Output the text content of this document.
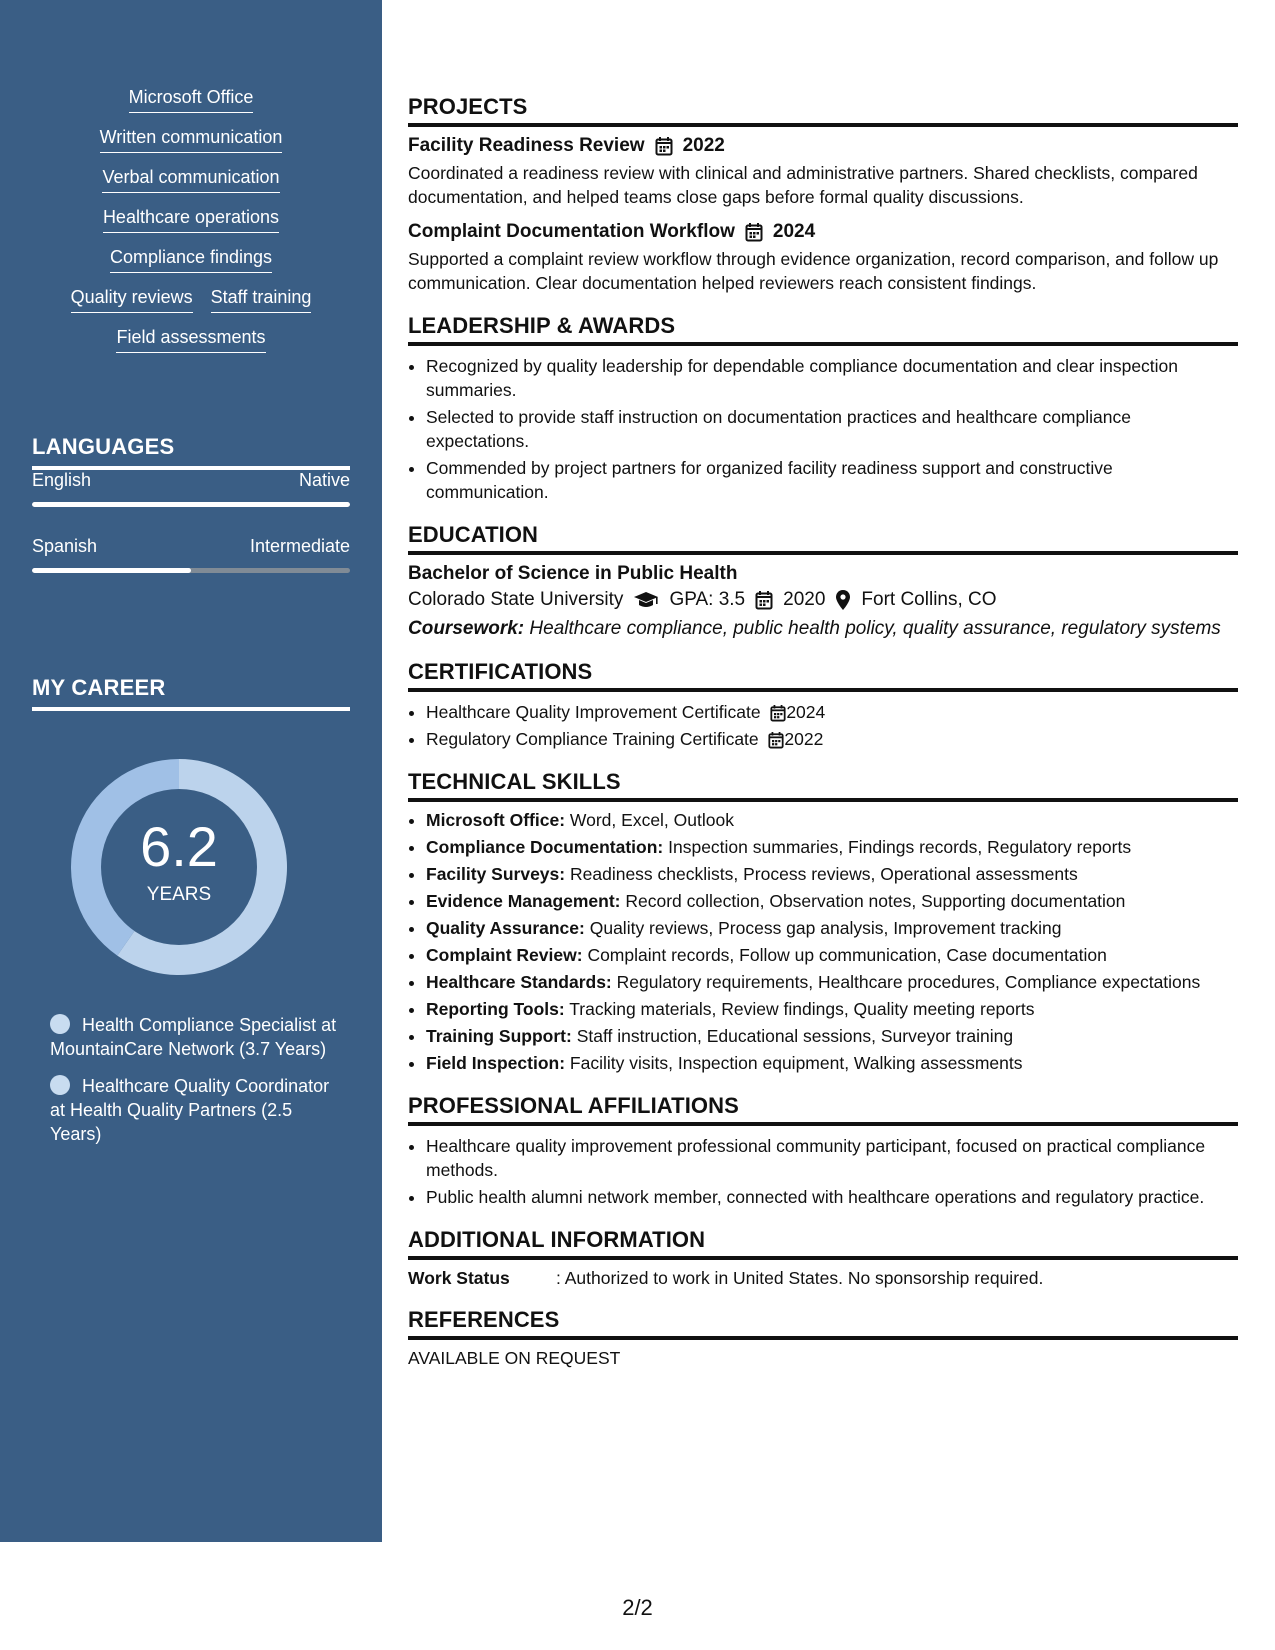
Microsoft Office
Written communication
Verbal communication
Healthcare operations
Compliance findings
Quality reviews Staff training
Field assessments
LANGUAGES
English	Native
Spanish	Intermediate
MY CAREER
6.2
YEARS
Health Compliance Specialist at MountainCare Network (3.7 Years)
Healthcare Quality Coordinator at Health Quality Partners (2.5 Years)
PROJECTS
Facility Readiness Review 2022
Coordinated a readiness review with clinical and administrative partners. Shared checklists, compared documentation, and helped teams close gaps before formal quality discussions.
Complaint Documentation Workflow 2024
Supported a complaint review workflow through evidence organization, record comparison, and follow up communication. Clear documentation helped reviewers reach consistent findings.
LEADERSHIP & AWARDS
• Recognized by quality leadership for dependable compliance documentation and clear inspection summaries.
• Selected to provide staff instruction on documentation practices and healthcare compliance expectations.
• Commended by project partners for organized facility readiness support and constructive communication.
EDUCATION
Bachelor of Science in Public Health
Colorado State University GPA: 3.5 2020 Fort Collins, CO
Coursework: Healthcare compliance, public health policy, quality assurance, regulatory systems
CERTIFICATIONS
• Healthcare Quality Improvement Certificate 2024
• Regulatory Compliance Training Certificate 2022
TECHNICAL SKILLS
• Microsoft Office: Word, Excel, Outlook
• Compliance Documentation: Inspection summaries, Findings records, Regulatory reports
• Facility Surveys: Readiness checklists, Process reviews, Operational assessments
• Evidence Management: Record collection, Observation notes, Supporting documentation
• Quality Assurance: Quality reviews, Process gap analysis, Improvement tracking
• Complaint Review: Complaint records, Follow up communication, Case documentation
• Healthcare Standards: Regulatory requirements, Healthcare procedures, Compliance expectations
• Reporting Tools: Tracking materials, Review findings, Quality meeting reports
• Training Support: Staff instruction, Educational sessions, Surveyor training
• Field Inspection: Facility visits, Inspection equipment, Walking assessments
PROFESSIONAL AFFILIATIONS
• Healthcare quality improvement professional community participant, focused on practical compliance methods.
• Public health alumni network member, connected with healthcare operations and regulatory practice.
ADDITIONAL INFORMATION
Work Status	: Authorized to work in United States. No sponsorship required.
REFERENCES
AVAILABLE ON REQUEST
2/2
